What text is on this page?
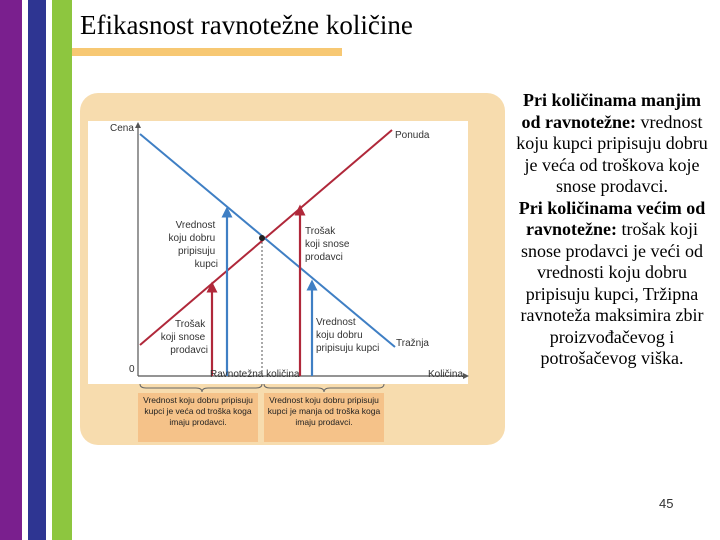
Efikasnost ravnotežne količine
Cena
Količina
0
Ponuda
Tražnja
Ravnotežna količina
Vrednost koju dobru pripisuju kupci
Trošak koji snose prodavci
Trošak koji snose prodavci
Vrednost koju dobru pripisuju kupci
Vrednost koju dobru pripisuju kupci je veća od troška koga imaju prodavci.
Vrednost koju dobru pripisuju kupci je manja od troška koga imaju prodavci.
Pri količinama manjim od ravnotežne: vrednost koju kupci pripisuju dobru je veća od troškova koje snose prodavci.
Pri količinama većim od ravnotežne: trošak koji snose prodavci je veći od vrednosti koju dobru pripisuju kupci, Tržipna ravnoteža maksimira zbir proizvođačevog i potrošačevog viška.
45
